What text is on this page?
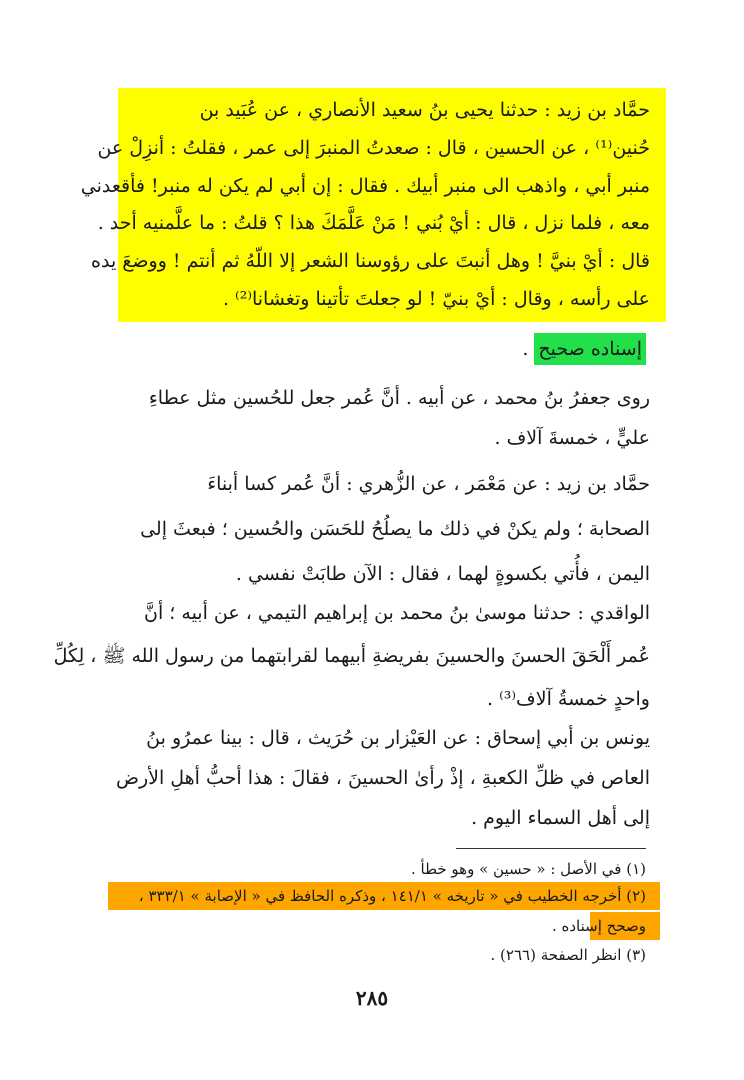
حمَّاد بن زيد : حدثنا يحيى بنُ سعيد الأنصاري ، عن عُبَيد بن
حُنين⁽¹⁾ ، عن الحسين ، قال : صعدتُ المنبرَ إلى عمر ، فقلتُ : أنزِلْ عن
منبر أبي ، واذهب الى منبر أبيك . فقال : إن أبي لم يكن له منبر! فأقعدني
معه ، فلما نزل ، قال : أيْ بُني ! مَنْ عَلَّمَكَ هذا ؟ قلتُ : ما علَّمنيه أحد .
قال : أيْ بنيَّ ! وهل أنبتَ على رؤوسنا الشعر إلا اللّهُ ثم أنتم ! ووضعَ يده
على رأسه ، وقال : أيْ بنيّ ! لو جعلتَ تأتينا وتغشانا⁽²⁾ .
إسناده صحيح .
روى جعفرُ بنُ محمد ، عن أبيه . أنَّ عُمر جعل للحُسين مثل عطاءِ
عليٍّ ، خمسةَ آلاف .
حمَّاد بن زيد : عن مَعْمَر ، عن الزُّهري : أنَّ عُمر كسا أبناءَ
الصحابة ؛ ولم يكنْ في ذلك ما يصلُحُ للحَسَن والحُسين ؛ فبعثَ إلى
اليمن ، فأُتي بكسوةٍ لهما ، فقال : الآن طابَتْ نفسي .
الواقدي : حدثنا موسىٰ بنُ محمد بن إبراهيم التيمي ، عن أبيه ؛ أنَّ
عُمر أَلْحَقَ الحسنَ والحسينَ بفريضةِ أبيهما لقرابتهما من رسول الله ﷺ ، لِكُلِّ
واحدٍ خمسةُ آلاف⁽³⁾ .
يونس بن أبي إسحاق : عن العَيْزار بن حُرَيث ، قال : بينا عمرُو بنُ
العاص في ظلِّ الكعبةِ ، إذْ رأىٰ الحسينَ ، فقالَ : هذا أحبُّ أهلِ الأرض
إلى أهل السماء اليوم .
(١) في الأصل : « حسين » وهو خطأ .
(٢) أخرجه الخطيب في « تاريخه » ١٤١/١ ، وذكره الحافظ في « الإصابة » ٣٣٣/١ ،
وصحح إسناده .
(٣) انظر الصفحة (٢٦٦) .
٢٨٥
